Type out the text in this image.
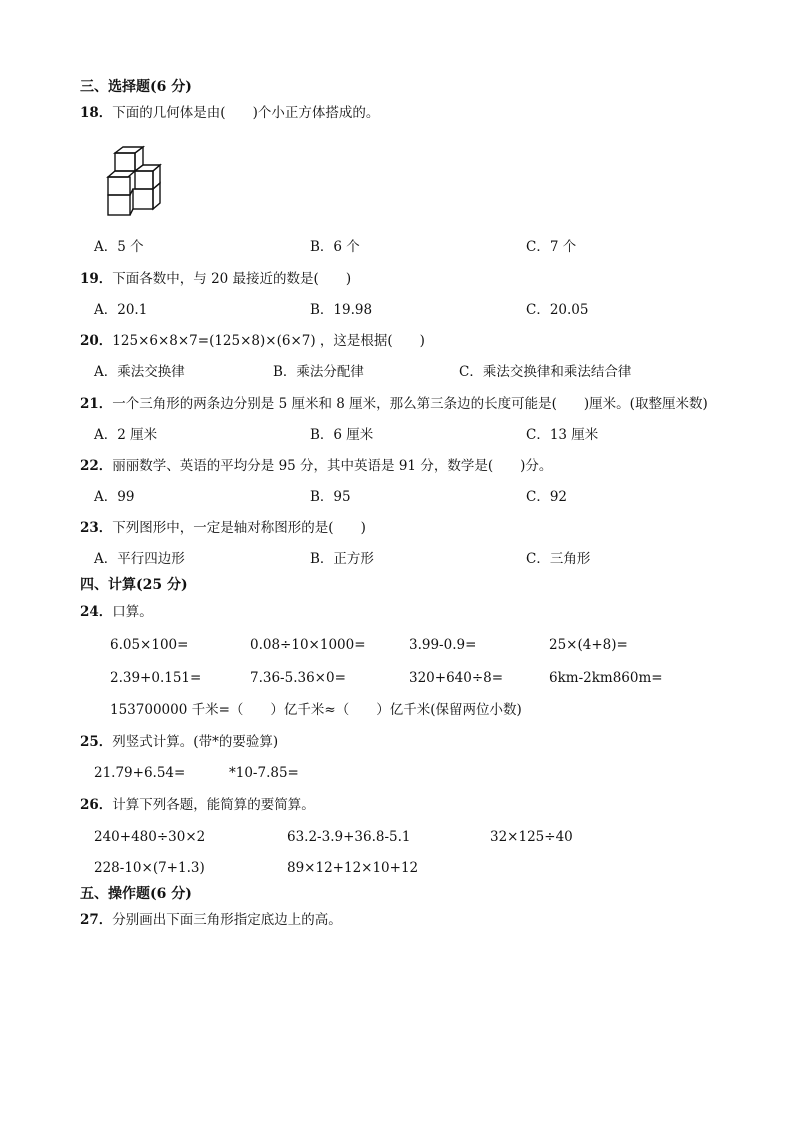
三、选择题(6 分)
18．下面的几何体是由(　　)个小正方体搭成的。
A．5 个	B．6 个	C．7 个
19．下面各数中，与 20 最接近的数是(　　)
A．20.1	B．19.98	C．20.05
20．125×6×8×7=(125×8)×(6×7) ，这是根据(　　)
A．乘法交换律	B．乘法分配律	C．乘法交换律和乘法结合律
21．一个三角形的两条边分别是 5 厘米和 8 厘米，那么第三条边的长度可能是(　　)厘米。(取整厘米数)
A．2 厘米	B．6 厘米	C．13 厘米
22．丽丽数学、英语的平均分是 95 分，其中英语是 91 分，数学是(　　)分。
A．99	B．95	C．92
23．下列图形中，一定是轴对称图形的是(　　)
A．平行四边形	B．正方形	C．三角形
四、计算(25 分)
24．口算。
6.05×100=	0.08÷10×1000=	3.99-0.9=	25×(4+8)=
2.39+0.151=	7.36-5.36×0=	320+640÷8=	6km-2km860m=
153700000 千米=（　　）亿千米≈（　　）亿千米(保留两位小数)
25．列竖式计算。(带*的要验算)
21.79+6.54=	*10-7.85=
26．计算下列各题，能简算的要简算。
240+480÷30×2	63.2-3.9+36.8-5.1	32×125÷40
228-10×(7+1.3)	89×12+12×10+12
五、操作题(6 分)
27．分别画出下面三角形指定底边上的高。
